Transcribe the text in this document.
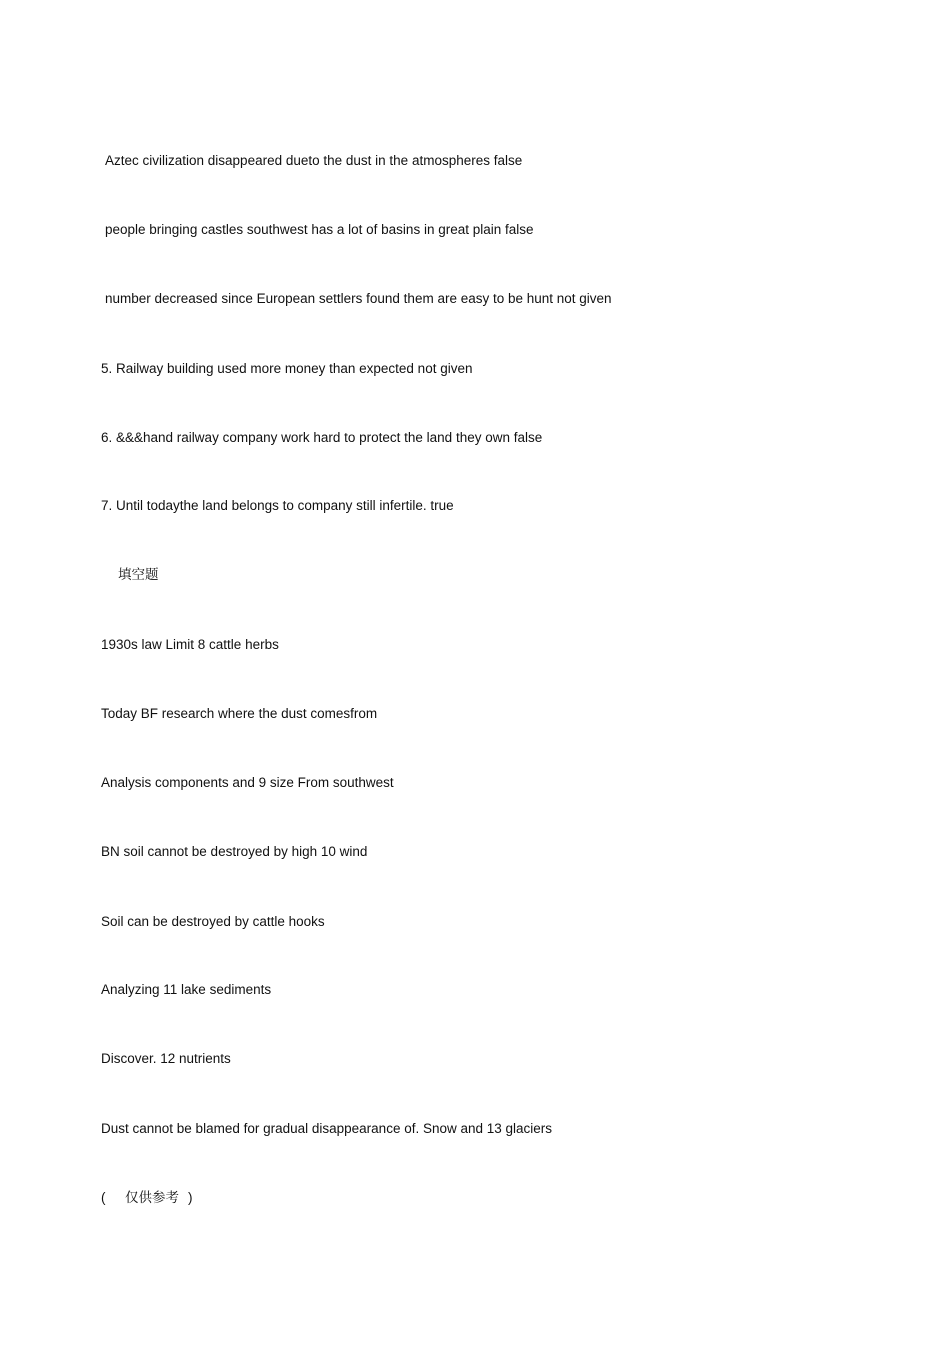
Aztec civilization disappeared dueto the dust in the atmospheres false
people bringing castles southwest has a lot of basins in great plain false
number decreased since European settlers found them are easy to be hunt not given
5. Railway building used more money than expected not given
6. &&&hand railway company work hard to protect the land they own false
7. Until todaythe land belongs to company still infertile. true
填空题
1930s law Limit 8 cattle herbs
Today BF research where the dust comesfrom
Analysis components and 9 size From southwest
BN soil cannot be destroyed by high 10 wind
Soil can be destroyed by cattle hooks
Analyzing 11 lake sediments
Discover. 12 nutrients
Dust cannot be blamed for gradual disappearance of. Snow and 13 glaciers
( 仅供参考 )
